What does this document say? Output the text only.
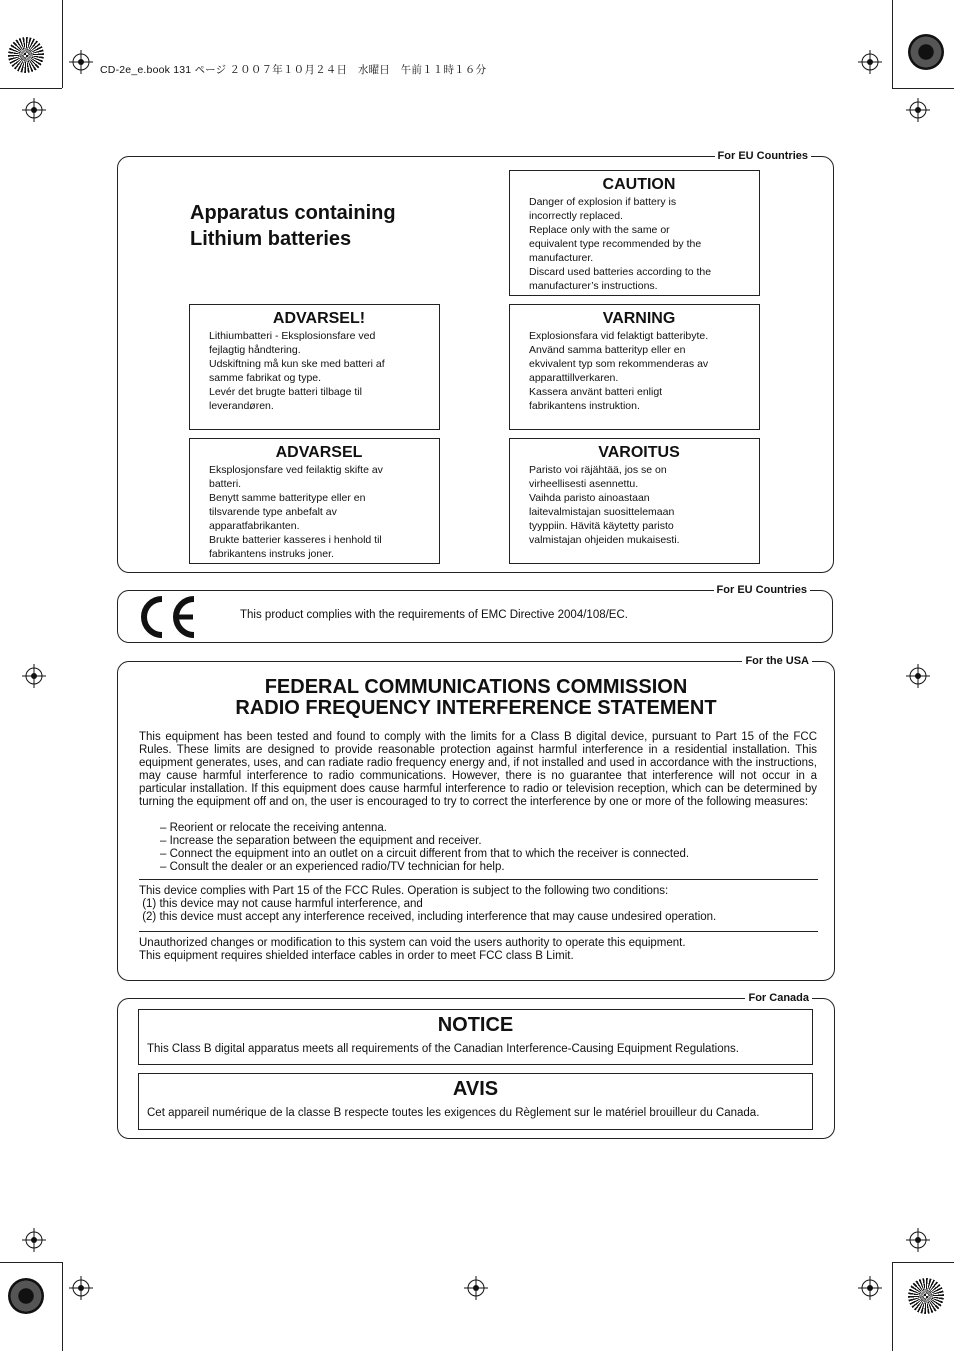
CD-2e_e.book 131 ページ ２００７年１０月２４日　水曜日　午前１１時１６分
For EU Countries
Apparatus containing
Lithium batteries
CAUTION

Danger of explosion if battery is

incorrectly replaced.

Replace only with the same or

equivalent type recommended by the

manufacturer.

Discard used batteries according to the

manufacturer’s instructions.

ADVARSEL!

Lithiumbatteri - Eksplosionsfare ved

fejlagtig håndtering.

Udskiftning må kun ske med batteri af

samme fabrikat og type.

Levér det brugte batteri tilbage til

leverandøren.

VARNING

Explosionsfara vid felaktigt batteribyte.

Använd samma batterityp eller en

ekvivalent typ som rekommenderas av

apparattillverkaren.

Kassera använt batteri enligt

fabrikantens instruktion.

ADVARSEL

Eksplosjonsfare ved feilaktig skifte av

batteri.

Benytt samme batteritype eller en

tilsvarende type anbefalt av

apparatfabrikanten.

Brukte batterier kasseres i henhold til

fabrikantens instruks joner.

VAROITUS

Paristo voi räjähtää, jos se on

virheellisesti asennettu.

Vaihda paristo ainoastaan

laitevalmistajan suosittelemaan

tyyppiin. Hävitä käytetty paristo

valmistajan ohjeiden mukaisesti.

For EU Countries
This product complies with the requirements of EMC Directive 2004/108/EC.
For the USA
FEDERAL COMMUNICATIONS COMMISSION
RADIO FREQUENCY INTERFERENCE STATEMENT
This equipment has been tested and found to comply with the limits for a Class B digital device, pursuant to Part 15 of the FCC Rules. These limits are designed to provide reasonable protection against harmful interference in a residential installation. This equipment generates, uses, and can radiate radio frequency energy and, if not installed and used in accordance with the instructions, may cause harmful interference to radio communications. However, there is no guarantee that interference will not occur in a particular installation. If this equipment does cause harmful interference to radio or television reception, which can be determined by turning the equipment off and on, the user is encouraged to try to correct the interference by one or more of the following measures:
– Reorient or relocate the receiving antenna.
– Increase the separation between the equipment and receiver.
– Connect the equipment into an outlet on a circuit different from that to which the receiver is connected.
– Consult the dealer or an experienced radio/TV technician for help.
This device complies with Part 15 of the FCC Rules. Operation is subject to the following two conditions:
(1) this device may not cause harmful interference, and
(2) this device must accept any interference received, including interference that may cause undesired operation.
Unauthorized changes or modification to this system can void the users authority to operate this equipment.
This equipment requires shielded interface cables in order to meet FCC class B Limit.
For Canada
NOTICE

This Class B digital apparatus meets all requirements of the Canadian Interference-Causing Equipment Regulations.

AVIS

Cet appareil numérique de la classe B respecte toutes les exigences du Règlement sur le matériel brouilleur du Canada.
